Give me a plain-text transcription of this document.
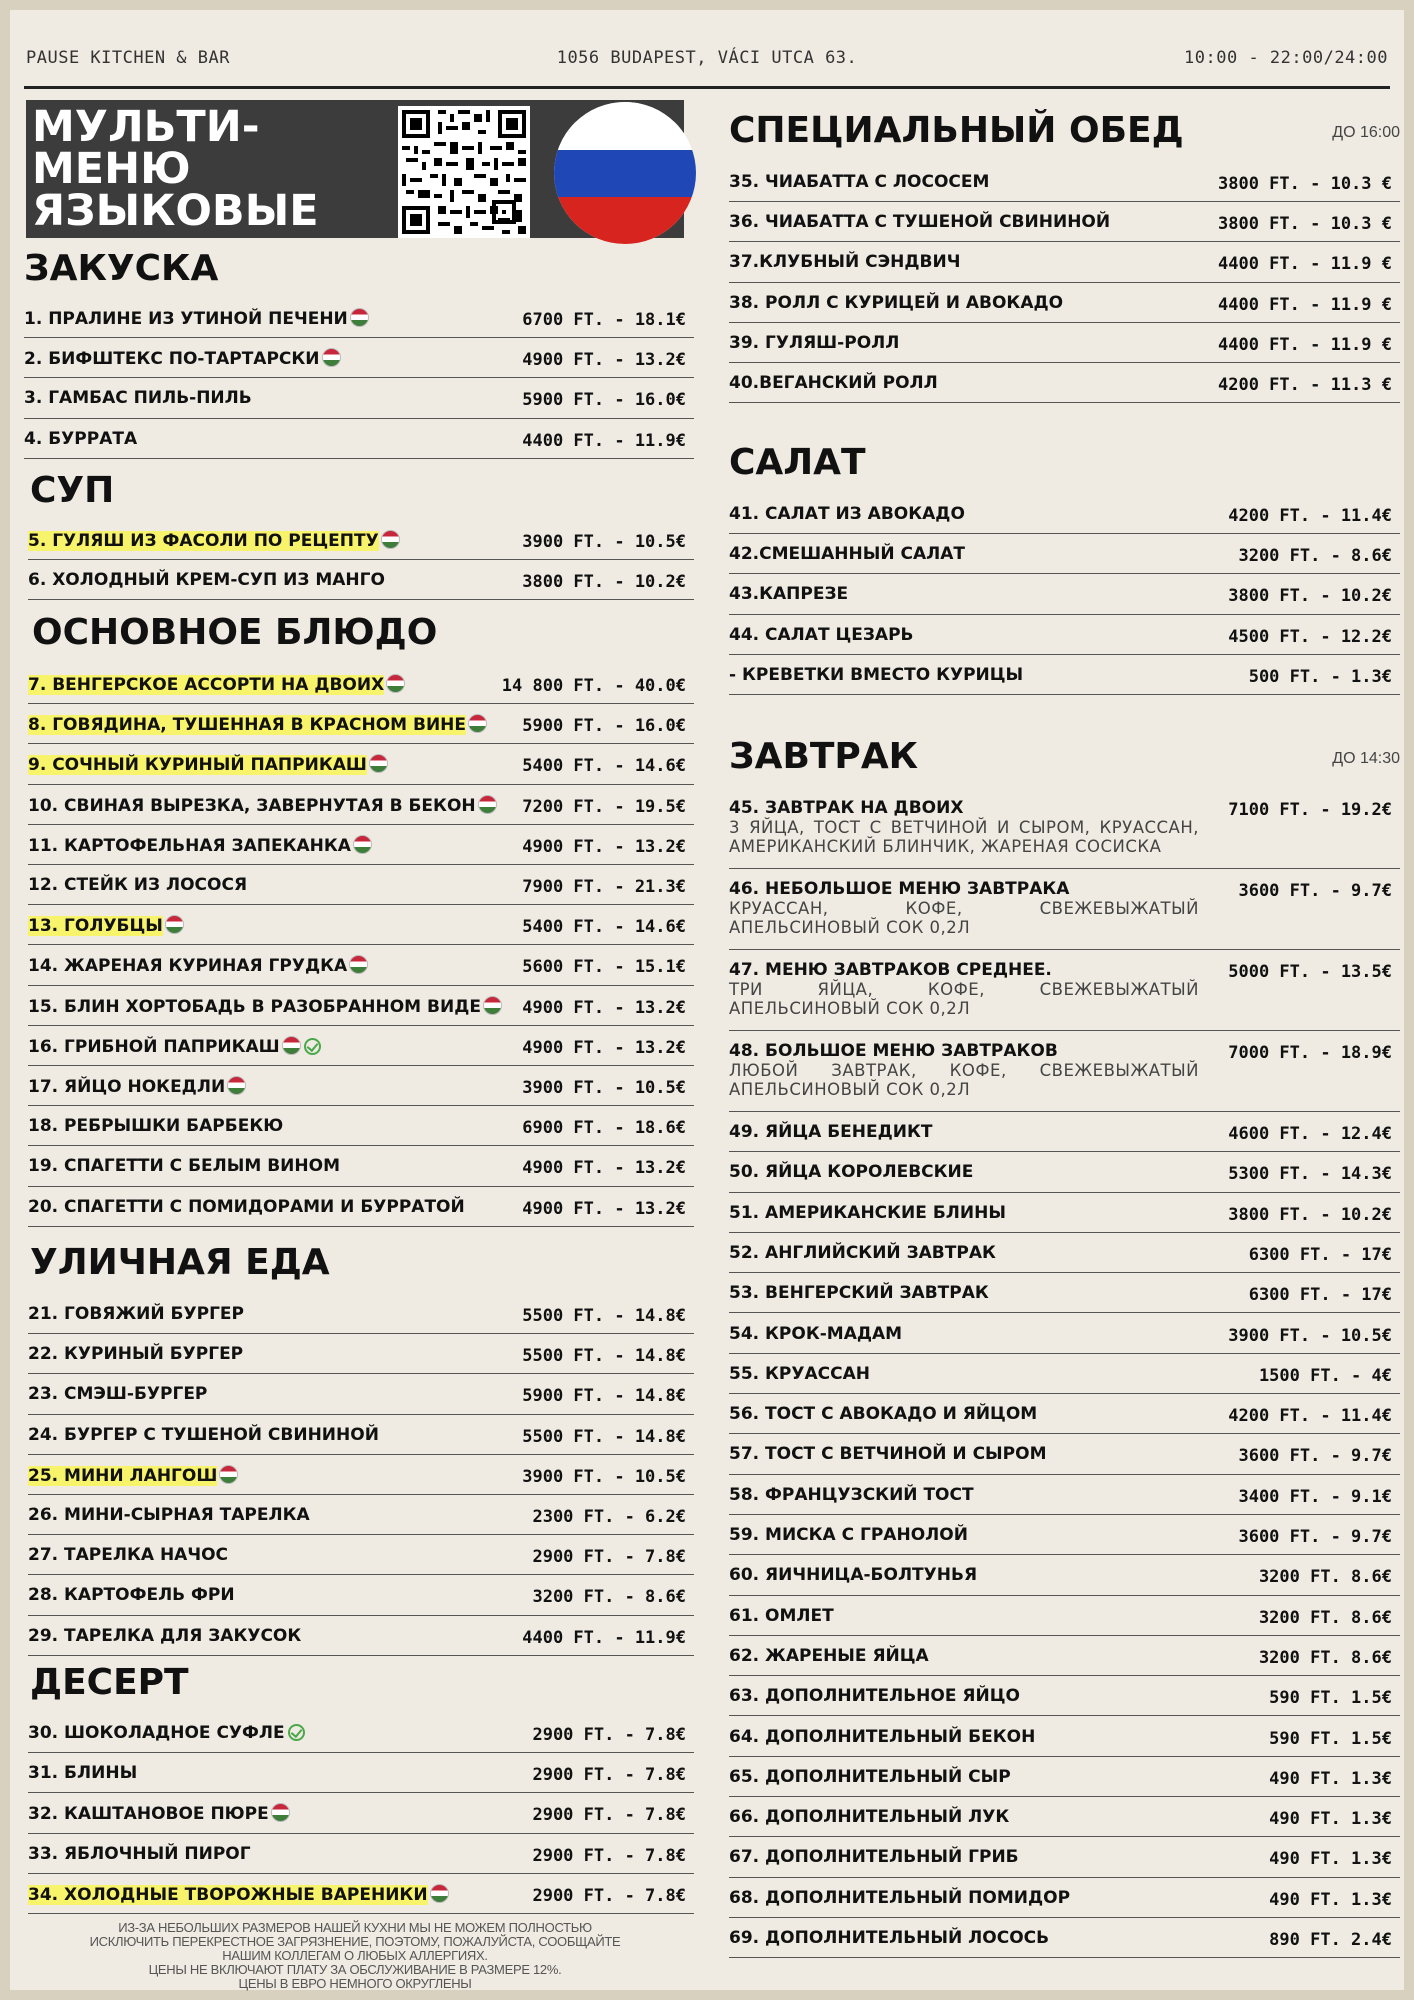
PAUSE KITCHEN & BAR	1056 BUDAPEST, VÁCI UTCA 63.	10:00 - 22:00/24:00
МУЛЬТИ-
МЕНЮ
ЯЗЫКОВЫЕ
ИЗ-ЗА НЕБОЛЬШИХ РАЗМЕРОВ НАШЕЙ КУХНИ МЫ НЕ МОЖЕМ ПОЛНОСТЬЮ
ИСКЛЮЧИТЬ ПЕРЕКРЕСТНОЕ ЗАГРЯЗНЕНИЕ, ПОЭТОМУ, ПОЖАЛУЙСТА, СООБЩАЙТЕ
НАШИМ КОЛЛЕГАМ О ЛЮБЫХ АЛЛЕРГИЯХ.
ЦЕНЫ НЕ ВКЛЮЧАЮТ ПЛАТУ ЗА ОБСЛУЖИВАНИЕ В РАЗМЕРЕ 12%.
ЦЕНЫ В ЕВРО НЕМНОГО ОКРУГЛЕНЫ
ЗАКУСКА
1. ПРАЛИНЕ ИЗ УТИНОЙ ПЕЧЕНИ	6700 FT. - 18.1€
2. БИФШТЕКС ПО-ТАРТАРСКИ	4900 FT. - 13.2€
3. ГАМБАС ПИЛЬ-ПИЛЬ	5900 FT. - 16.0€
4. БУРРАТА	4400 FT. - 11.9€
СУП
5. ГУЛЯШ ИЗ ФАСОЛИ ПО РЕЦЕПТУ	3900 FT. - 10.5€
6. ХОЛОДНЫЙ КРЕМ-СУП ИЗ МАНГО	3800 FT. - 10.2€
ОСНОВНОЕ БЛЮДО
7. ВЕНГЕРСКОЕ АССОРТИ НА ДВОИХ	14 800 FT. - 40.0€
8. ГОВЯДИНА, ТУШЕННАЯ В КРАСНОМ ВИНЕ	5900 FT. - 16.0€
9. СОЧНЫЙ КУРИНЫЙ ПАПРИКАШ	5400 FT. - 14.6€
10. СВИНАЯ ВЫРЕЗКА, ЗАВЕРНУТАЯ В БЕКОН	7200 FT. - 19.5€
11. КАРТОФЕЛЬНАЯ ЗАПЕКАНКА	4900 FT. - 13.2€
12. СТЕЙК ИЗ ЛОСОСЯ	7900 FT. - 21.3€
13. ГОЛУБЦЫ	5400 FT. - 14.6€
14. ЖАРЕНАЯ КУРИНАЯ ГРУДКА	5600 FT. - 15.1€
15. БЛИН ХОРТОБАДЬ В РАЗОБРАННОМ ВИДЕ	4900 FT. - 13.2€
16. ГРИБНОЙ ПАПРИКАШ	4900 FT. - 13.2€
17. ЯЙЦО НОКЕДЛИ	3900 FT. - 10.5€
18. РЕБРЫШКИ БАРБЕКЮ	6900 FT. - 18.6€
19. СПАГЕТТИ С БЕЛЫМ ВИНОМ	4900 FT. - 13.2€
20. СПАГЕТТИ С ПОМИДОРАМИ И БУРРАТОЙ	4900 FT. - 13.2€
УЛИЧНАЯ ЕДА
21. ГОВЯЖИЙ БУРГЕР	5500 FT. - 14.8€
22. КУРИНЫЙ БУРГЕР	5500 FT. - 14.8€
23. СМЭШ-БУРГЕР	5900 FT. - 14.8€
24. БУРГЕР С ТУШЕНОЙ СВИНИНОЙ	5500 FT. - 14.8€
25. МИНИ ЛАНГОШ	3900 FT. - 10.5€
26. МИНИ-СЫРНАЯ ТАРЕЛКА	2300 FT. - 6.2€
27. ТАРЕЛКА НАЧОС	2900 FT. - 7.8€
28. КАРТОФЕЛЬ ФРИ	3200 FT. - 8.6€
29. ТАРЕЛКА ДЛЯ ЗАКУСОК	4400 FT. - 11.9€
ДЕСЕРТ
30. ШОКОЛАДНОЕ СУФЛЕ	2900 FT. - 7.8€
31. БЛИНЫ	2900 FT. - 7.8€
32. КАШТАНОВОЕ ПЮРЕ	2900 FT. - 7.8€
33. ЯБЛОЧНЫЙ ПИРОГ	2900 FT. - 7.8€
34. ХОЛОДНЫЕ ТВОРОЖНЫЕ ВАРЕНИКИ	2900 FT. - 7.8€
СПЕЦИАЛЬНЫЙ ОБЕД	ДО 16:00
35. ЧИАБАТТА С ЛОСОСЕМ	3800 FT. - 10.3 €
36. ЧИАБАТТА С ТУШЕНОЙ СВИНИНОЙ	3800 FT. - 10.3 €
37.КЛУБНЫЙ СЭНДВИЧ	4400 FT. - 11.9 €
38. РОЛЛ С КУРИЦЕЙ И АВОКАДО	4400 FT. - 11.9 €
39. ГУЛЯШ-РОЛЛ	4400 FT. - 11.9 €
40.ВЕГАНСКИЙ РОЛЛ	4200 FT. - 11.3 €
САЛАТ
41. САЛАТ ИЗ АВОКАДО	4200 FT. - 11.4€
42.СМЕШАННЫЙ САЛАТ	3200 FT. - 8.6€
43.КАПРЕЗЕ	3800 FT. - 10.2€
44. САЛАТ ЦЕЗАРЬ	4500 FT. - 12.2€
- КРЕВЕТКИ ВМЕСТО КУРИЦЫ	500 FT. - 1.3€
ЗАВТРАК	ДО 14:30
45. ЗАВТРАК НА ДВОИХ	7100 FT. - 19.2€
3 ЯЙЦА, ТОСТ С ВЕТЧИНОЙ И СЫРОМ, КРУАССАН, АМЕРИКАНСКИЙ БЛИНЧИК, ЖАРЕНАЯ СОСИСКА
46. НЕБОЛЬШОЕ МЕНЮ ЗАВТРАКА	3600 FT. - 9.7€
КРУАССАН, КОФЕ, СВЕЖЕВЫЖАТЫЙ АПЕЛЬСИНОВЫЙ СОК 0,2Л
47. МЕНЮ ЗАВТРАКОВ СРЕДНЕЕ.	5000 FT. - 13.5€
ТРИ ЯЙЦА, КОФЕ, СВЕЖЕВЫЖАТЫЙ АПЕЛЬСИНОВЫЙ СОК 0,2Л
48. БОЛЬШОЕ МЕНЮ ЗАВТРАКОВ	7000 FT. - 18.9€
ЛЮБОЙ ЗАВТРАК, КОФЕ, СВЕЖЕВЫЖАТЫЙ АПЕЛЬСИНОВЫЙ СОК 0,2Л
49. ЯЙЦА БЕНЕДИКТ	4600 FT. - 12.4€
50. ЯЙЦА КОРОЛЕВСКИЕ	5300 FT. - 14.3€
51. АМЕРИКАНСКИЕ БЛИНЫ	3800 FT. - 10.2€
52. АНГЛИЙСКИЙ ЗАВТРАК	6300 FT. - 17€
53. ВЕНГЕРСКИЙ ЗАВТРАК	6300 FT. - 17€
54. КРОК-МАДАМ	3900 FT. - 10.5€
55. КРУАССАН	1500 FT. - 4€
56. ТОСТ С АВОКАДО И ЯЙЦОМ	4200 FT. - 11.4€
57. ТОСТ С ВЕТЧИНОЙ И СЫРОМ	3600 FT. - 9.7€
58. ФРАНЦУЗСКИЙ ТОСТ	3400 FT. - 9.1€
59. МИСКА С ГРАНОЛОЙ	3600 FT. - 9.7€
60. ЯИЧНИЦА-БОЛТУНЬЯ	3200 FT. 8.6€
61. ОМЛЕТ	3200 FT. 8.6€
62. ЖАРЕНЫЕ ЯЙЦА	3200 FT. 8.6€
63. ДОПОЛНИТЕЛЬНОЕ ЯЙЦО	590 FT. 1.5€
64. ДОПОЛНИТЕЛЬНЫЙ БЕКОН	590 FT. 1.5€
65. ДОПОЛНИТЕЛЬНЫЙ СЫР	490 FT. 1.3€
66. ДОПОЛНИТЕЛЬНЫЙ ЛУК	490 FT. 1.3€
67. ДОПОЛНИТЕЛЬНЫЙ ГРИБ	490 FT. 1.3€
68. ДОПОЛНИТЕЛЬНЫЙ ПОМИДОР	490 FT. 1.3€
69. ДОПОЛНИТЕЛЬНЫЙ ЛОСОСЬ	890 FT. 2.4€
